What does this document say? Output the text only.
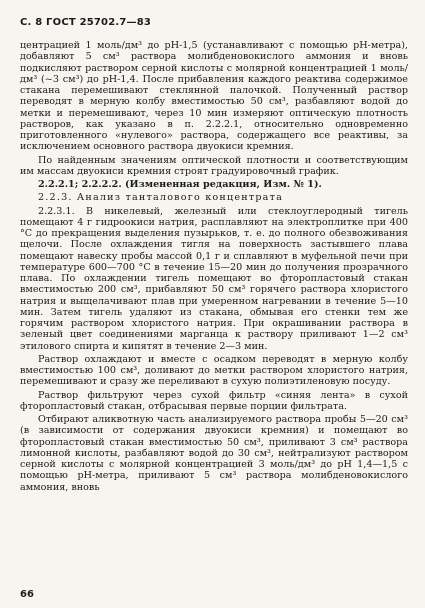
С. 8 ГОСТ 25702.7—83

центрацией 1 моль/дм³ до pH-1,5 (устанавливают с помощью pH-метра), добавляют 5 см³ раствора молибденовокислого аммония и вновь подкисляют раствором серной кислоты с молярной концентрацией 1 моль/дм³ (~3 см³) до pH-1,4. После прибавления каждого реактива содержимое стакана перемешивают стеклянной палочкой. Полученный раствор переводят в мерную колбу вместимостью 50 см³, разбавляют водой до метки и перемешивают, через 10 мин измеряют оптическую плотность растворов, как указано в п. 2.2.2.1, относительно одновременно приготовленного «нулевого» раствора, содержащего все реактивы, за исключением основного раствора двуокиси кремния.

По найденным значениям оптической плотности и соответствующим им массам двуокиси кремния строят градуировочный график.

2.2.2.1; 2.2.2.2. (Измененная редакция, Изм. № 1).

2.2.3. Анализ танталового концентрата

2.2.3.1. В никелевый, железный или стеклоуглеродный тигель помещают 4 г гидроокиси натрия, расплавляют на электроплитке при 400 °C до прекращения выделения пузырьков, т. е. до полного обезвоживания щелочи. После охлаждения тигля на поверхность застывшего плава помещают навеску пробы массой 0,1 г и сплавляют в муфельной печи при температуре 600—700 °C в течение 15—20 мин до получения прозрачного плава. По охлаждении тигель помещают во фторопластовый стакан вместимостью 200 см³, прибавляют 50 см³ горячего раствора хлористого натрия и выщелачивают плав при умеренном нагревании в течение 5—10 мин. Затем тигель удаляют из стакана, обмывая его стенки тем же горячим раствором хлористого натрия. При окрашивании раствора в зеленый цвет соединениями марганца к раствору приливают 1—2 см³ этилового спирта и кипятят в течение 2—3 мин.

Раствор охлаждают и вместе с осадком переводят в мерную колбу вместимостью 100 см³, доливают до метки раствором хлористого натрия, перемешивают и сразу же переливают в сухую полиэтиленовую посуду.

Раствор фильтруют через сухой фильтр «синяя лента» в сухой фторопластовый стакан, отбрасывая первые порции фильтрата.

Отбирают аликвотную часть анализируемого раствора пробы 5—20 см³ (в зависимости от содержания двуокиси кремния) и помещают во фторопластовый стакан вместимостью 50 см³, приливают 3 см³ раствора лимонной кислоты, разбавляют водой до 30 см³, нейтрализуют раствором серной кислоты с молярной концентрацией 3 моль/дм³ до pH 1,4—1,5 с помощью pH-метра, приливают 5 см³ раствора молибденовокислого аммония, вновь

66
